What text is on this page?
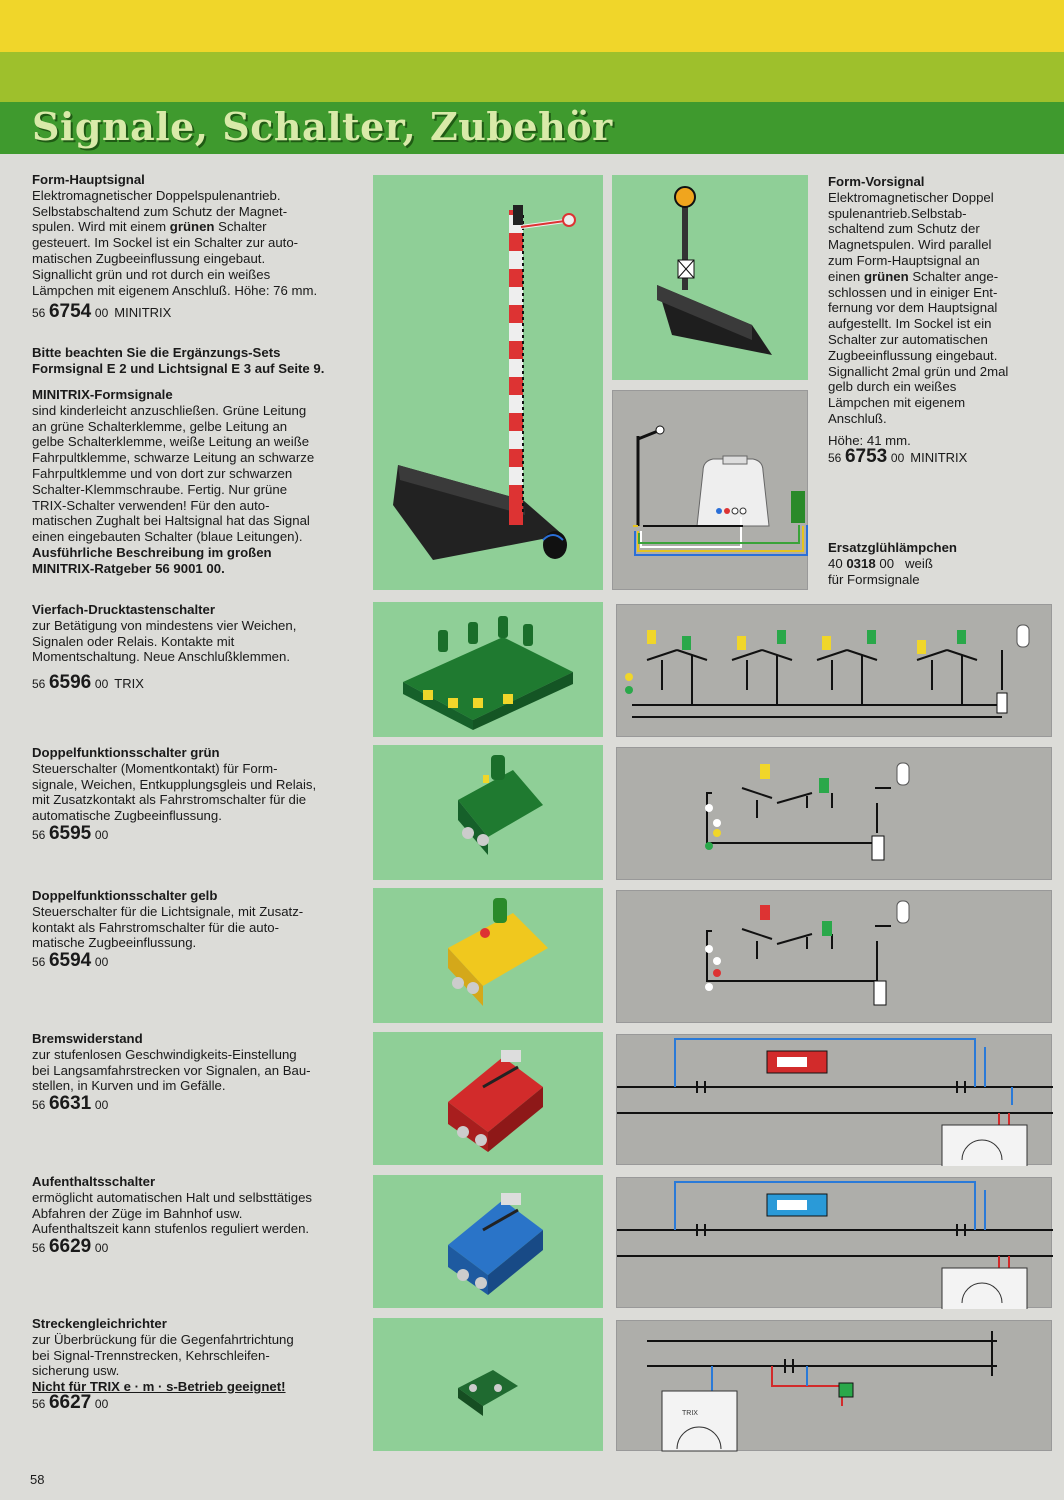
Signale, Schalter, Zubehör
Form-Hauptsignal
Elektromagnetischer Doppelspulenantrieb.
Selbstabschaltend zum Schutz der Magnet-
spulen. Wird mit einem grünen Schalter
gesteuert. Im Sockel ist ein Schalter zur auto-
matischen Zugbeeinflussung eingebaut.
Signallicht grün und rot durch ein weißes
Lämpchen mit eigenem Anschluß. Höhe: 76 mm.
56 6754 00 MINITRIX
Bitte beachten Sie die Ergänzungs-Sets
Formsignal E 2 und Lichtsignal E 3 auf Seite 9.
MINITRIX-Formsignale
sind kinderleicht anzuschließen. Grüne Leitung
an grüne Schalterklemme, gelbe Leitung an
gelbe Schalterklemme, weiße Leitung an weiße
Fahrpultklemme, schwarze Leitung an schwarze
Fahrpultklemme und von dort zur schwarzen
Schalter-Klemmschraube. Fertig. Nur grüne
TRIX-Schalter verwenden! Für den auto-
matischen Zughalt bei Haltsignal hat das Signal
einen eingebauten Schalter (blaue Leitungen).
Ausführliche Beschreibung im großen
MINITRIX-Ratgeber 56 9001 00.
Form-Vorsignal
Elektromagnetischer Doppel
spulenantrieb.Selbstab-
schaltend zum Schutz der
Magnetspulen. Wird parallel
zum Form-Hauptsignal an
einen grünen Schalter ange-
schlossen und in einiger Ent-
fernung vor dem Hauptsignal
aufgestellt. Im Sockel ist ein
Schalter zur automatischen
Zugbeeinflussung eingebaut.
Signallicht 2mal grün und 2mal
gelb durch ein weißes
Lämpchen mit eigenem
Anschluß.
Höhe: 41 mm.
56 6753 00 MINITRIX
Ersatzglühlämpchen
40 0318 00 weiß
für Formsignale
Vierfach-Drucktastenschalter
zur Betätigung von mindestens vier Weichen,
Signalen oder Relais. Kontakte mit
Momentschaltung. Neue Anschlußklemmen.
56 6596 00 TRIX
Doppelfunktionsschalter grün
Steuerschalter (Momentkontakt) für Form-
signale, Weichen, Entkupplungsgleis und Relais,
mit Zusatzkontakt als Fahrstromschalter für die
automatische Zugbeeinflussung.
56 6595 00
Doppelfunktionsschalter gelb
Steuerschalter für die Lichtsignale, mit Zusatz-
kontakt als Fahrstromschalter für die auto-
matische Zugbeeinflussung.
56 6594 00
Bremswiderstand
zur stufenlosen Geschwindigkeits-Einstellung
bei Langsamfahrstrecken vor Signalen, an Bau-
stellen, in Kurven und im Gefälle.
56 6631 00
Aufenthaltsschalter
ermöglicht automatischen Halt und selbsttätiges
Abfahren der Züge im Bahnhof usw.
Aufenthaltszeit kann stufenlos reguliert werden.
56 6629 00
Streckengleichrichter
zur Überbrückung für die Gegenfahrtrichtung
bei Signal-Trennstrecken, Kehrschleifen-
sicherung usw.
Nicht für TRIX e · m · s-Betrieb geeignet!
56 6627 00
TRIX
58
